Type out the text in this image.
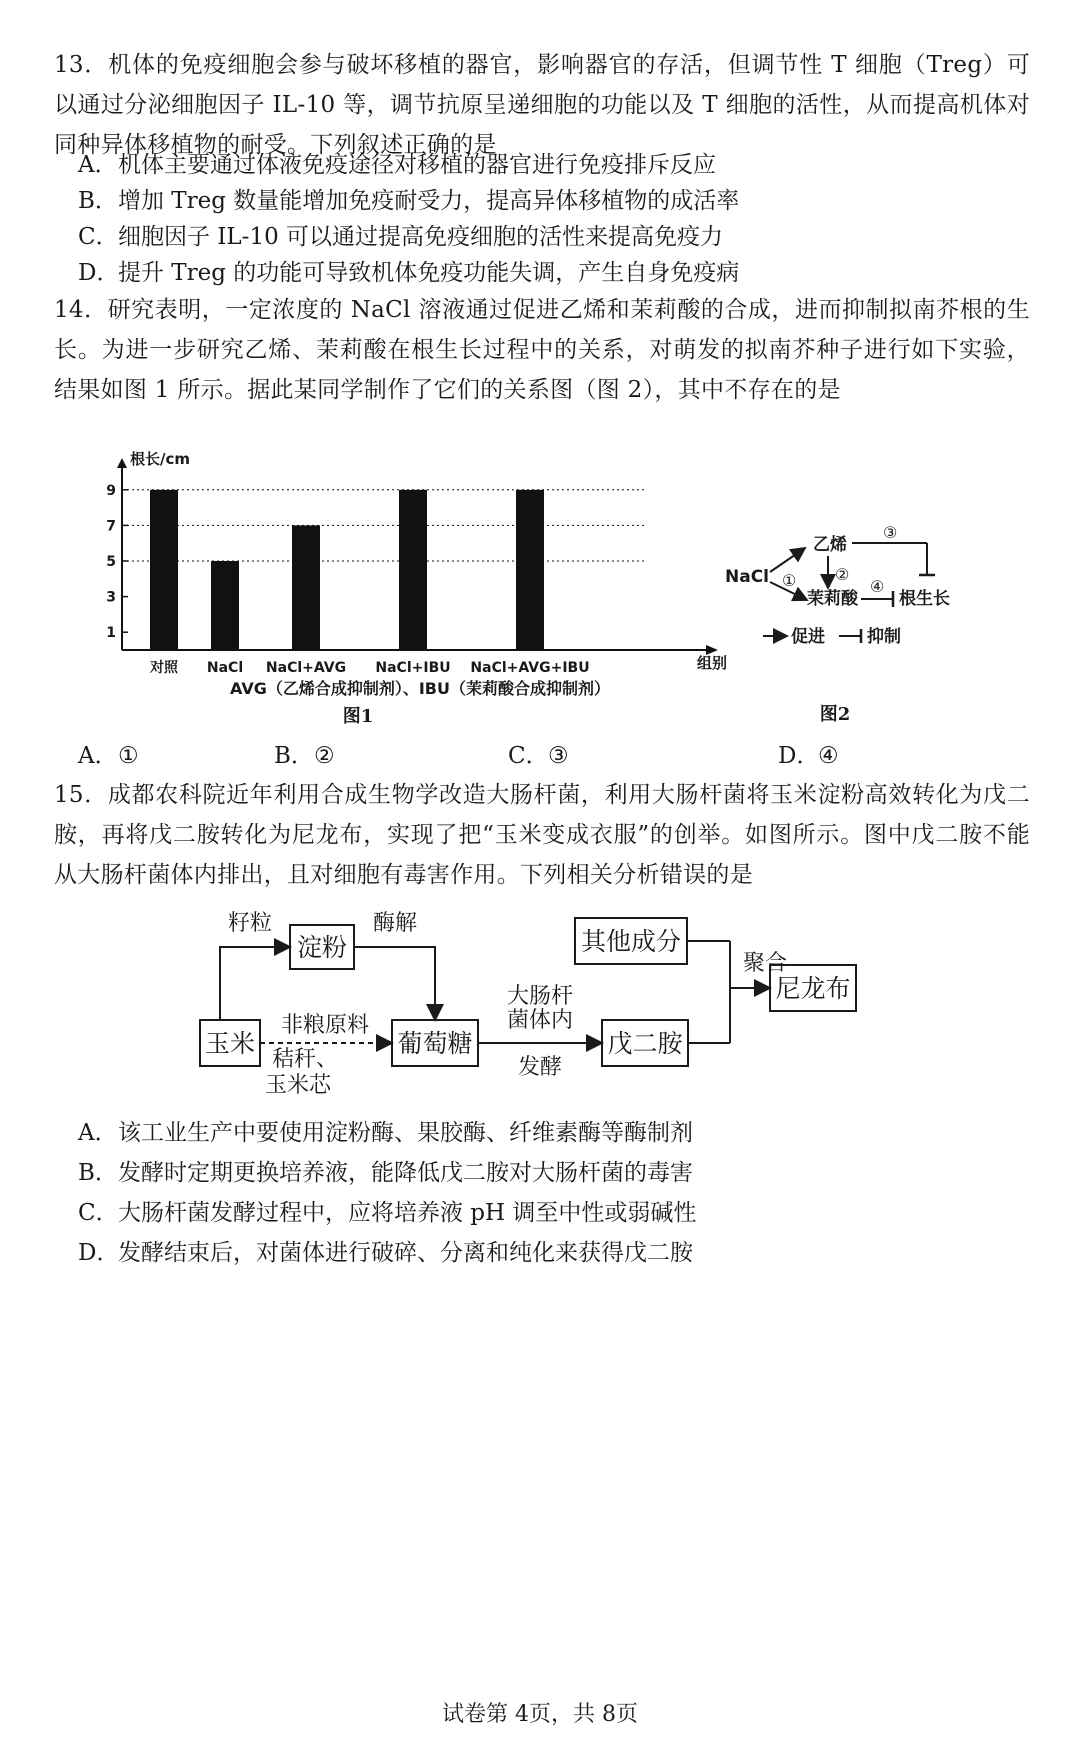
13．机体的免疫细胞会参与破坏移植的器官，影响器官的存活，但调节性 T 细胞（Treg）可以通过分泌细胞因子 IL-10 等，调节抗原呈递细胞的功能以及 T 细胞的活性，从而提高机体对同种异体移植物的耐受。下列叙述正确的是
A．机体主要通过体液免疫途径对移植的器官进行免疫排斥反应
B．增加 Treg 数量能增加免疫耐受力，提高异体移植物的成活率
C．细胞因子 IL-10 可以通过提高免疫细胞的活性来提高免疫力
D．提升 Treg 的功能可导致机体免疫功能失调，产生自身免疫病
14．研究表明，一定浓度的 NaCl 溶液通过促进乙烯和茉莉酸的合成，进而抑制拟南芥根的生长。为进一步研究乙烯、茉莉酸在根生长过程中的关系，对萌发的拟南芥种子进行如下实验，结果如图 1 所示。据此某同学制作了它们的关系图（图 2），其中不存在的是
1
3
5
7
9
对照 NaCl NaCl+AVG NaCl+IBU NaCl+AVG+IBU
根长/cm
组别
AVG（乙烯合成抑制剂）、IBU（茉莉酸合成抑制剂）
图1
NaCl ①
乙烯
③
②
茉莉酸
④
根生长
促进 抑制
图2
A．①	B．②	C．③	D．④
15．成都农科院近年利用合成生物学改造大肠杆菌，利用大肠杆菌将玉米淀粉高效转化为戊二胺，再将戊二胺转化为尼龙布，实现了把“玉米变成衣服”的创举。如图所示。图中戊二胺不能从大肠杆菌体内排出，且对细胞有毒害作用。下列相关分析错误的是
玉米
淀粉
葡萄糖	戊二胺
其他成分
尼龙布
籽粒	酶解
非粮原料
秸秆、
玉米芯
大肠杆
菌体内
发酵
聚合
A．该工业生产中要使用淀粉酶、果胶酶、纤维素酶等酶制剂
B．发酵时定期更换培养液，能降低戊二胺对大肠杆菌的毒害
C．大肠杆菌发酵过程中，应将培养液 pH 调至中性或弱碱性
D．发酵结束后，对菌体进行破碎、分离和纯化来获得戊二胺
试卷第 4页，共 8页
